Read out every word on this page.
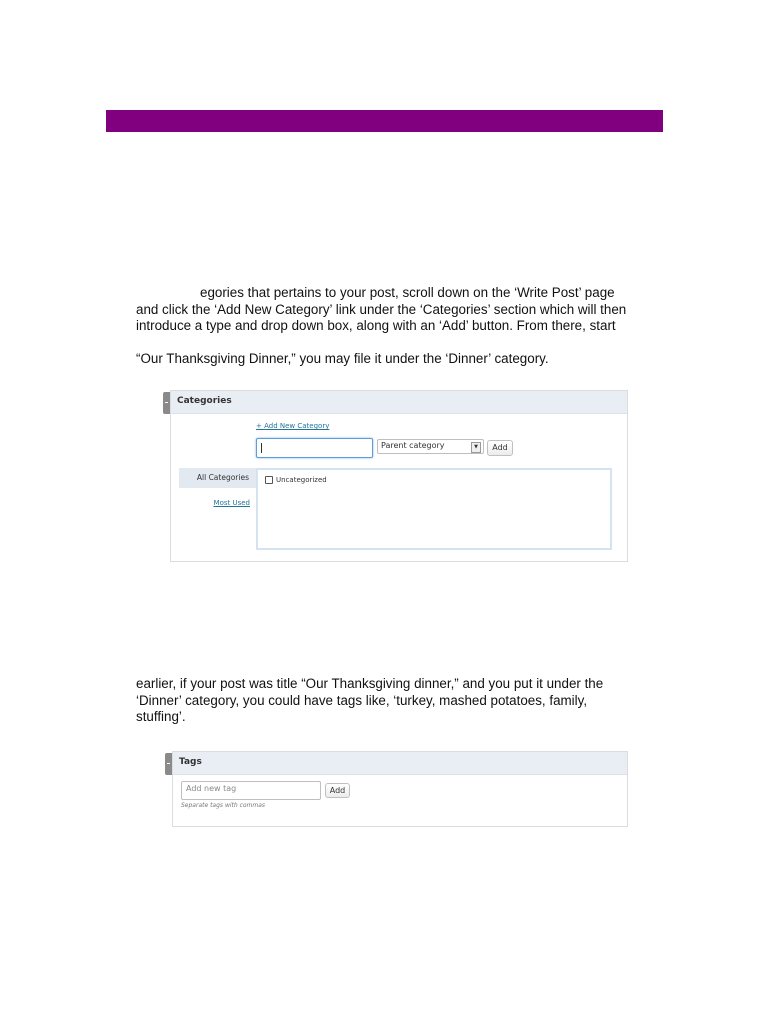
egories that pertains to your post, scroll down on the ‘Write Post’ page
and click the ‘Add New Category’ link under the ‘Categories’ section which will then
introduce a type and drop down box, along with an ‘Add’ button. From there, start
“Our Thanksgiving Dinner,” you may file it under the ‘Dinner’ category.
Categories
+ Add New Category
Parent category	▼	Add
All Categories
Most Used
Uncategorized
earlier, if your post was title “Our Thanksgiving dinner,” and you put it under the
‘Dinner’ category, you could have tags like, ‘turkey, mashed potatoes, family,
stuffing’.
Tags
Add new tag	Add
Separate tags with commas
